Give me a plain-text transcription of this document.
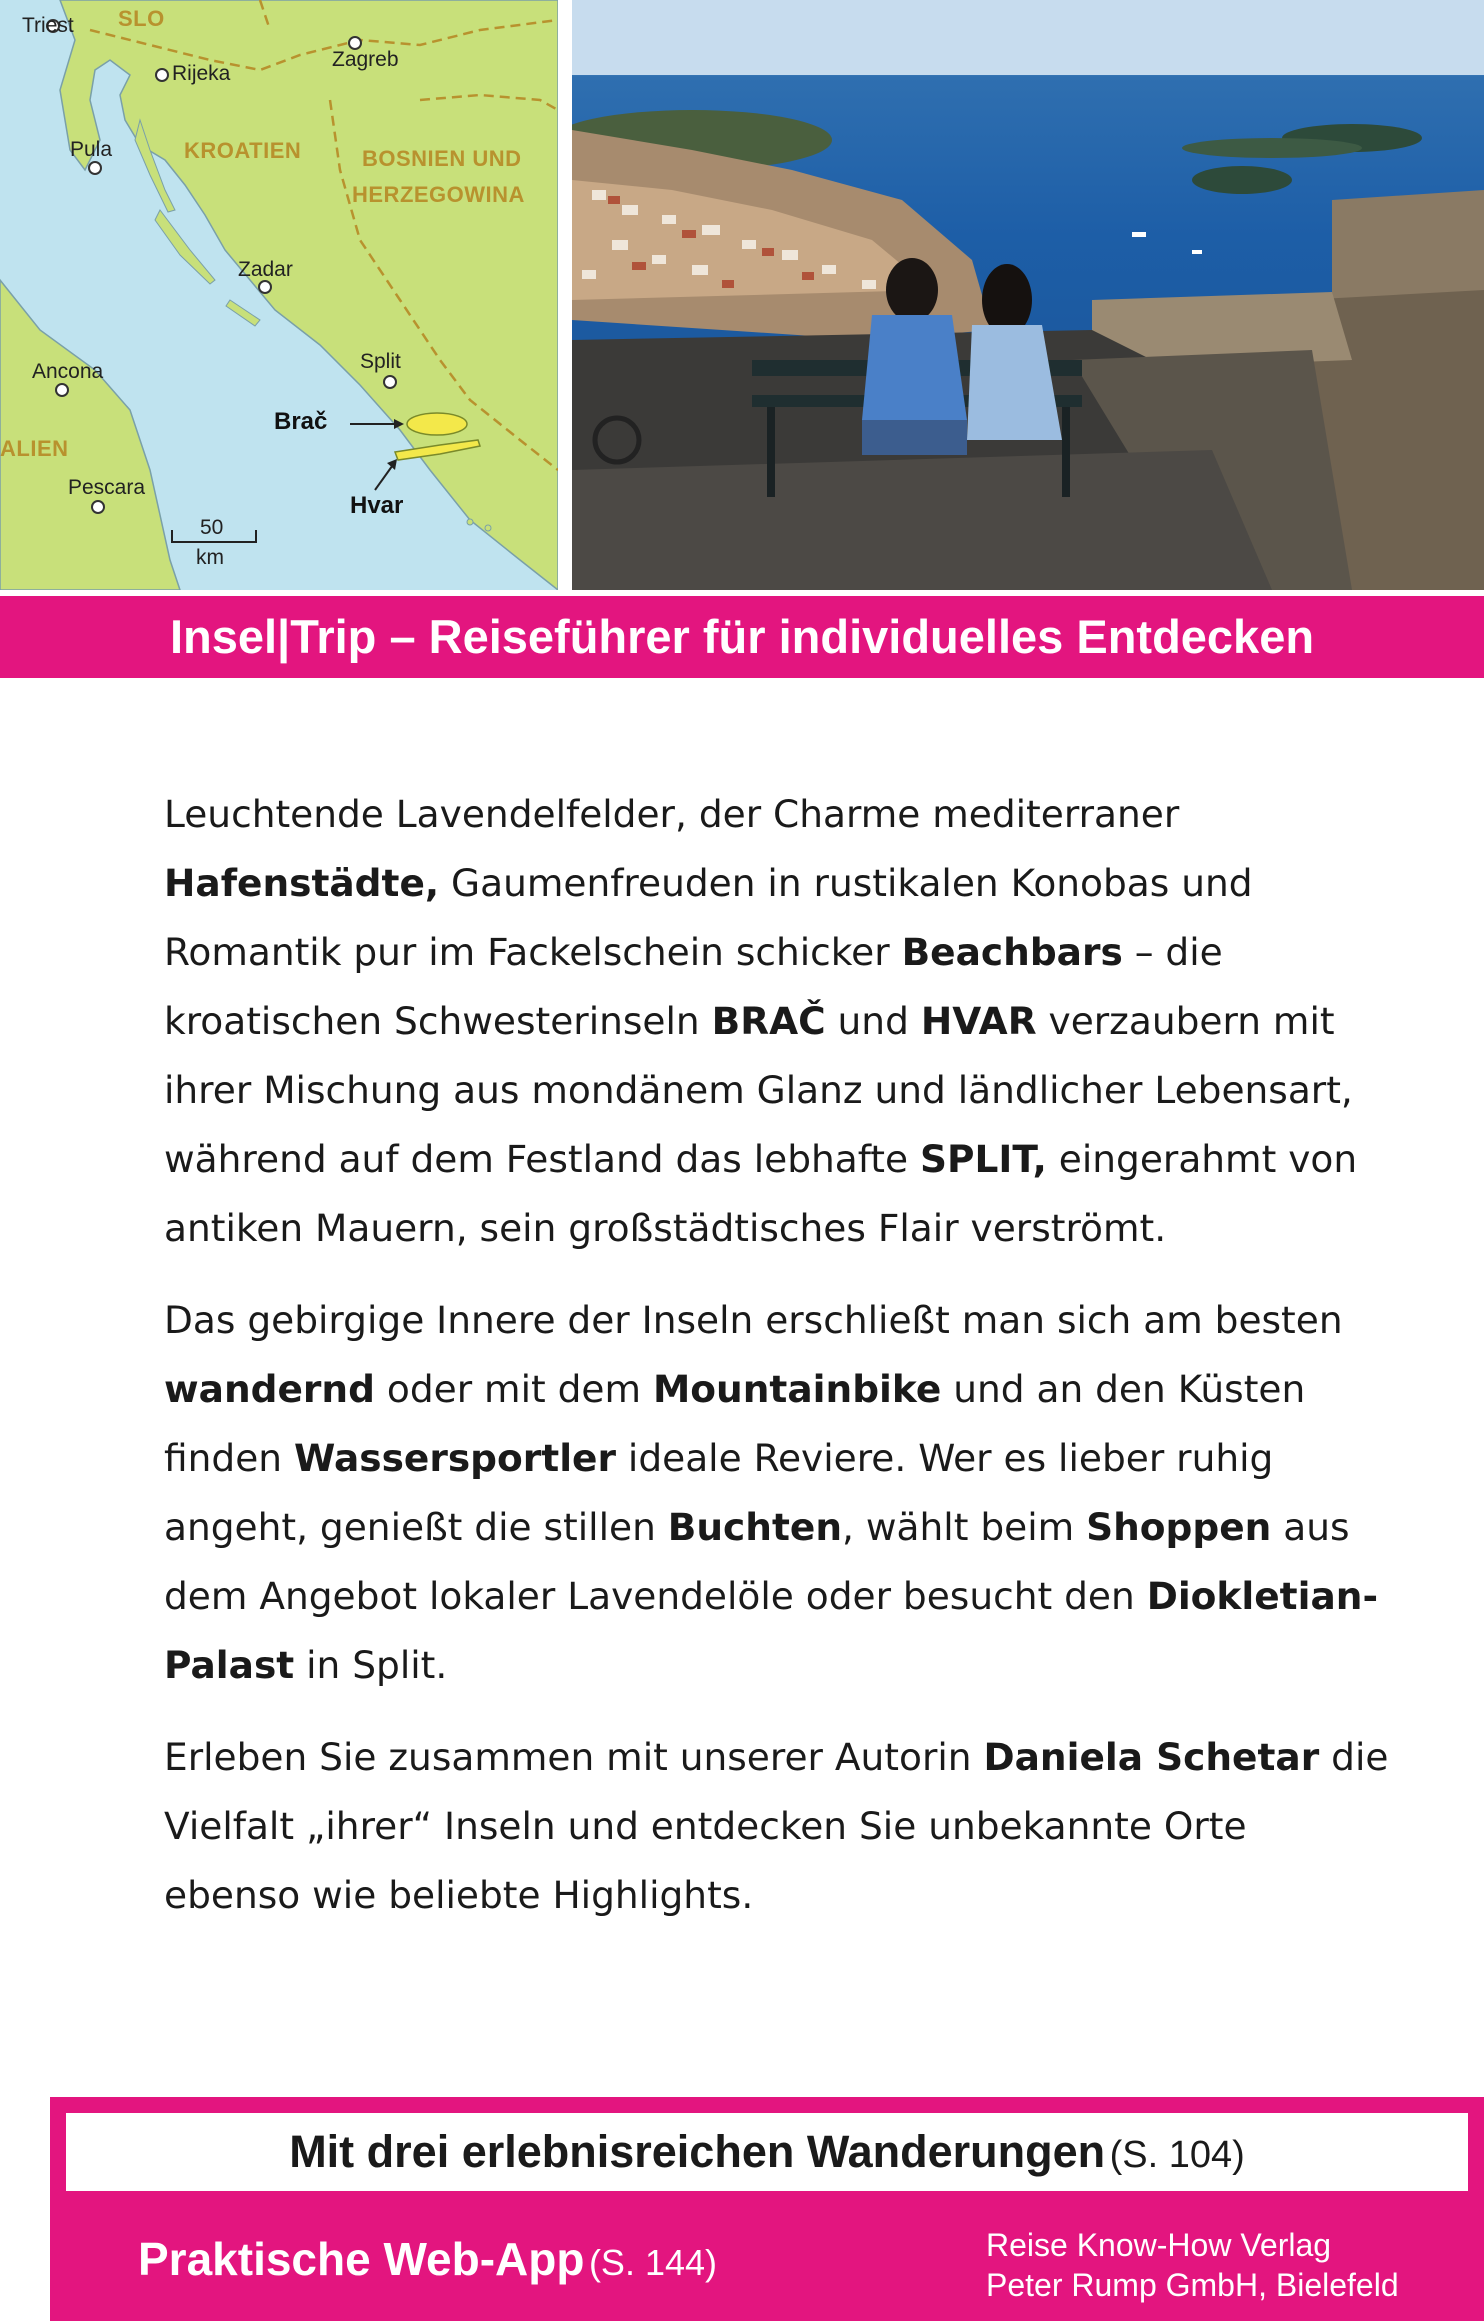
Triest SLO
Rijeka
Zagreb
Pula	KROATIEN	BOSNIEN UND
HERZEGOWINA
Zadar
Ancona	Split
ALIEN
Brač
Pescara
Hvar
50
km
Insel|Trip – Reiseführer für individuelles Entdecken

Leuchtende Lavendelfelder, der Charme mediterraner Hafenstädte, Gaumenfreuden in rustikalen Konobas und Romantik pur im Fackelschein schicker Beachbars – die kroatischen Schwesterinseln BRAČ und HVAR verzaubern mit ihrer Mischung aus mondänem Glanz und ländlicher Lebensart, während auf dem Festland das lebhafte SPLIT, eingerahmt von antiken Mauern, sein großstädtisches Flair verströmt.

Das gebirgige Innere der Inseln erschließt man sich am besten wandernd oder mit dem Mountainbike und an den Küsten finden Wassersportler ideale Reviere. Wer es lieber ruhig angeht, genießt die stillen Buchten, wählt beim Shoppen aus dem Angebot lokaler Lavendelöle oder besucht den Diokletian-Palast in Split.

Erleben Sie zusammen mit unserer Autorin Daniela Schetar die Vielfalt „ihrer“ Inseln und entdecken Sie unbekannte Orte ebenso wie beliebte Highlights.

Mit drei erlebnisreichen Wanderungen (S. 104)
Praktische Web-App (S. 144)	Reise Know-How Verlag
Peter Rump GmbH, Bielefeld
